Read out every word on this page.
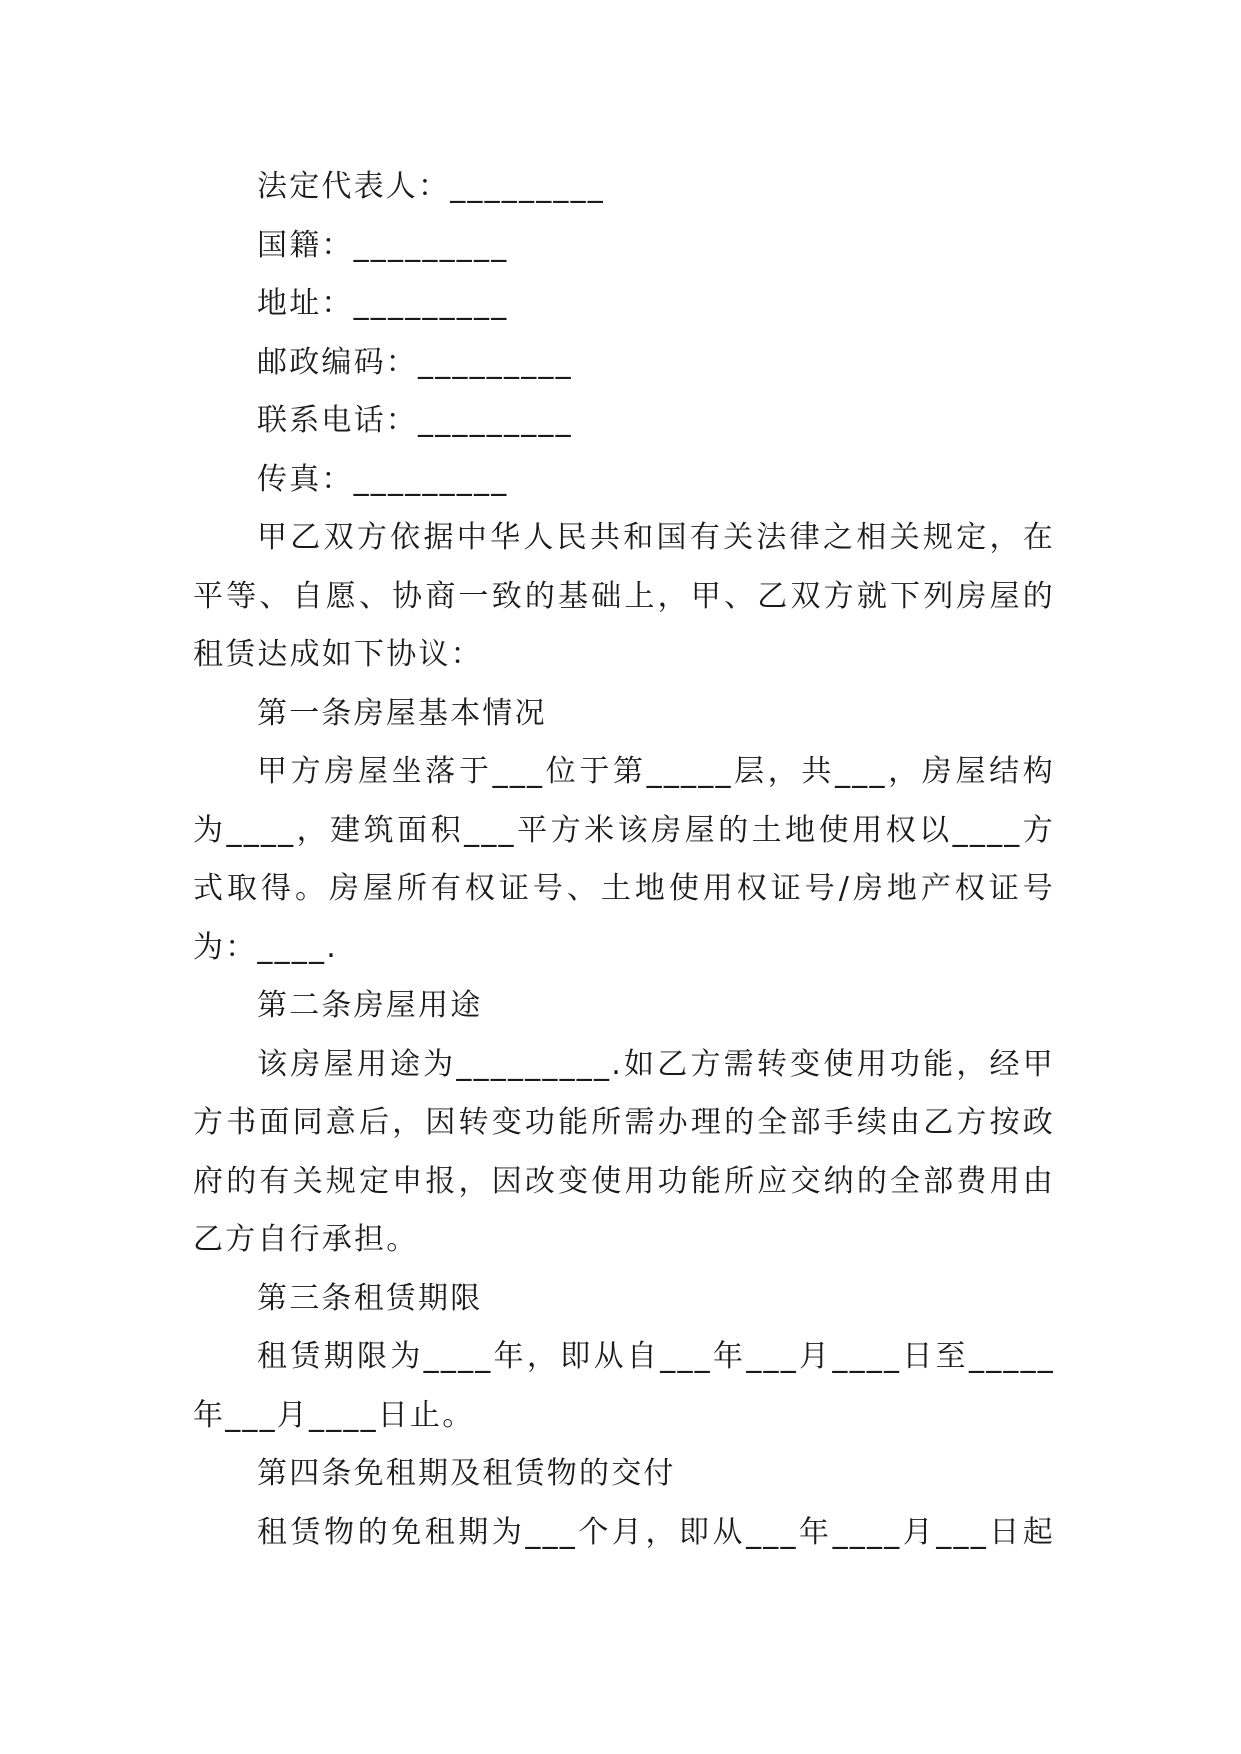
法定代表人：_________
国籍：_________
地址：_________
邮政编码：_________
联系电话：_________
传真：_________
甲乙双方依据中华人民共和国有关法律之相关规定，在
平等、自愿、协商一致的基础上，甲、乙双方就下列房屋的
租赁达成如下协议：
第一条房屋基本情况
甲方房屋坐落于___位于第_____层，共___，房屋结构
为____，建筑面积___平方米该房屋的土地使用权以____方
式取得。房屋所有权证号、土地使用权证号/房地产权证号
为：____.
第二条房屋用途
该房屋用途为_________.如乙方需转变使用功能，经甲
方书面同意后，因转变功能所需办理的全部手续由乙方按政
府的有关规定申报，因改变使用功能所应交纳的全部费用由
乙方自行承担。
第三条租赁期限
租赁期限为____年，即从自___年___月____日至_____
年___月____日止。
第四条免租期及租赁物的交付
租赁物的免租期为___个月，即从___年____月___日起
